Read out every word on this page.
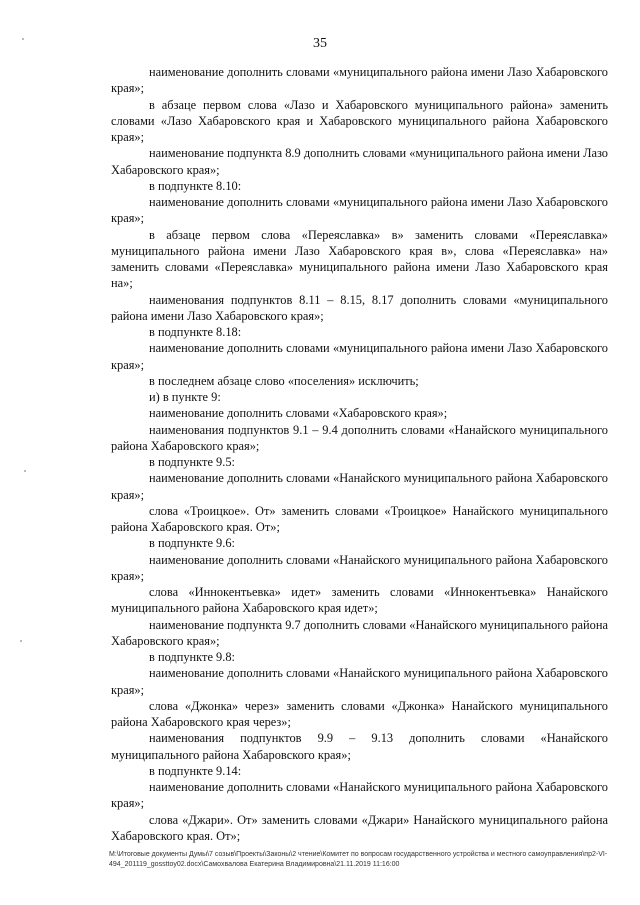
35

наименование дополнить словами «муниципального района имени Лазо Хабаровского края»;

в абзаце первом слова «Лазо и Хабаровского муниципального района» заменить словами «Лазо Хабаровского края и Хабаровского муниципального района Хабаровского края»;

наименование подпункта 8.9 дополнить словами «муниципального района имени Лазо Хабаровского края»;

в подпункте 8.10:

наименование дополнить словами «муниципального района имени Лазо Хабаровского края»;

в абзаце первом слова «Переяславка» в» заменить словами «Переяславка» муниципального района имени Лазо Хабаровского края в», слова «Переяславка» на» заменить словами «Переяславка» муниципального района имени Лазо Хабаровского края на»;

наименования подпунктов 8.11 – 8.15, 8.17 дополнить словами «муниципального района имени Лазо Хабаровского края»;

в подпункте 8.18:

наименование дополнить словами «муниципального района имени Лазо Хабаровского края»;

в последнем абзаце слово «поселения» исключить;

и) в пункте 9:

наименование дополнить словами «Хабаровского края»;

наименования подпунктов 9.1 – 9.4 дополнить словами «Нанайского муниципального района Хабаровского края»;

в подпункте 9.5:

наименование дополнить словами «Нанайского муниципального района Хабаровского края»;

слова «Троицкое». От» заменить словами «Троицкое» Нанайского муниципального района Хабаровского края. От»;

в подпункте 9.6:

наименование дополнить словами «Нанайского муниципального района Хабаровского края»;

слова «Иннокентьевка» идет» заменить словами «Иннокентьевка» Нанайского муниципального района Хабаровского края идет»;

наименование подпункта 9.7 дополнить словами «Нанайского муниципального района Хабаровского края»;

в подпункте 9.8:

наименование дополнить словами «Нанайского муниципального района Хабаровского края»;

слова «Джонка» через» заменить словами «Джонка» Нанайского муниципального района Хабаровского края через»;

наименования подпунктов 9.9 – 9.13 дополнить словами «Нанайского муниципального района Хабаровского края»;

в подпункте 9.14:

наименование дополнить словами «Нанайского муниципального района Хабаровского края»;

слова «Джари». От» заменить словами «Джари» Нанайского муниципального района Хабаровского края. От»;

М:\Итоговые документы Думы\7 созыв\Проекты\Законы\2 чтение\Комитет по вопросам государственного устройства и местного самоуправления\пр2-VI-
494_201119_gossttoy02.docx\Самохвалова Екатерина Владимировна\21.11.2019 11:16:00
